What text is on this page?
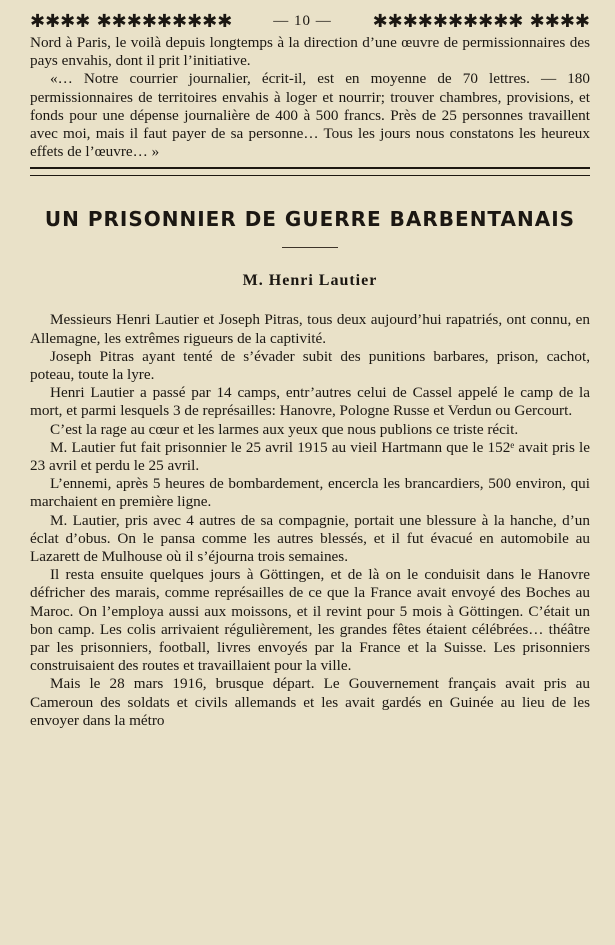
✱✱✱✱ ✱✱✱✱✱✱✱✱✱	— 10 — ✱✱✱✱✱✱✱✱✱✱ ✱✱✱✱

Nord à Paris, le voilà depuis longtemps à la direction d’une œuvre de permissionnaires des pays envahis, dont il prit l’initiative.

«… Notre courrier journalier, écrit-il, est en moyenne de 70 lettres. — 180 permissionnaires de territoires envahis à loger et nourrir; trouver chambres, provisions, et fonds pour une dépense journalière de 400 à 500 francs. Près de 25 personnes travaillent avec moi, mais il faut payer de sa personne… Tous les jours nous constatons les heureux effets de l’œuvre… »

UN PRISONNIER DE GUERRE BARBENTANAIS
M. Henri Lautier

Messieurs Henri Lautier et Joseph Pitras, tous deux aujourd’hui rapatriés, ont connu, en Allemagne, les extrêmes rigueurs de la captivité.

Joseph Pitras ayant tenté de s’évader subit des punitions barbares, prison, cachot, poteau, toute la lyre.

Henri Lautier a passé par 14 camps, entr’autres celui de Cassel appelé le camp de la mort, et parmi lesquels 3 de représailles: Hanovre, Pologne Russe et Verdun ou Gercourt.

C’est la rage au cœur et les larmes aux yeux que nous publions ce triste récit.

M. Lautier fut fait prisonnier le 25 avril 1915 au vieil Hartmann que le 152ᵉ avait pris le 23 avril et perdu le 25 avril.

L’ennemi, après 5 heures de bombardement, encercla les brancardiers, 500 environ, qui marchaient en première ligne.

M. Lautier, pris avec 4 autres de sa compagnie, portait une blessure à la hanche, d’un éclat d’obus. On le pansa comme les autres blessés, et il fut évacué en automobile au Lazarett de Mulhouse où il s’éjourna trois semaines.

Il resta ensuite quelques jours à Göttingen, et de là on le conduisit dans le Hanovre défricher des marais, comme représailles de ce que la France avait envoyé des Boches au Maroc. On l’employa aussi aux moissons, et il revint pour 5 mois à Göttingen. C’était un bon camp. Les colis arrivaient régulièrement, les grandes fêtes étaient célébrées… théâtre par les prisonniers, football, livres envoyés par la France et la Suisse. Les prisonniers construisaient des routes et travaillaient pour la ville.

Mais le 28 mars 1916, brusque départ. Le Gouvernement français avait pris au Cameroun des soldats et civils allemands et les avait gardés en Guinée au lieu de les envoyer dans la métro
